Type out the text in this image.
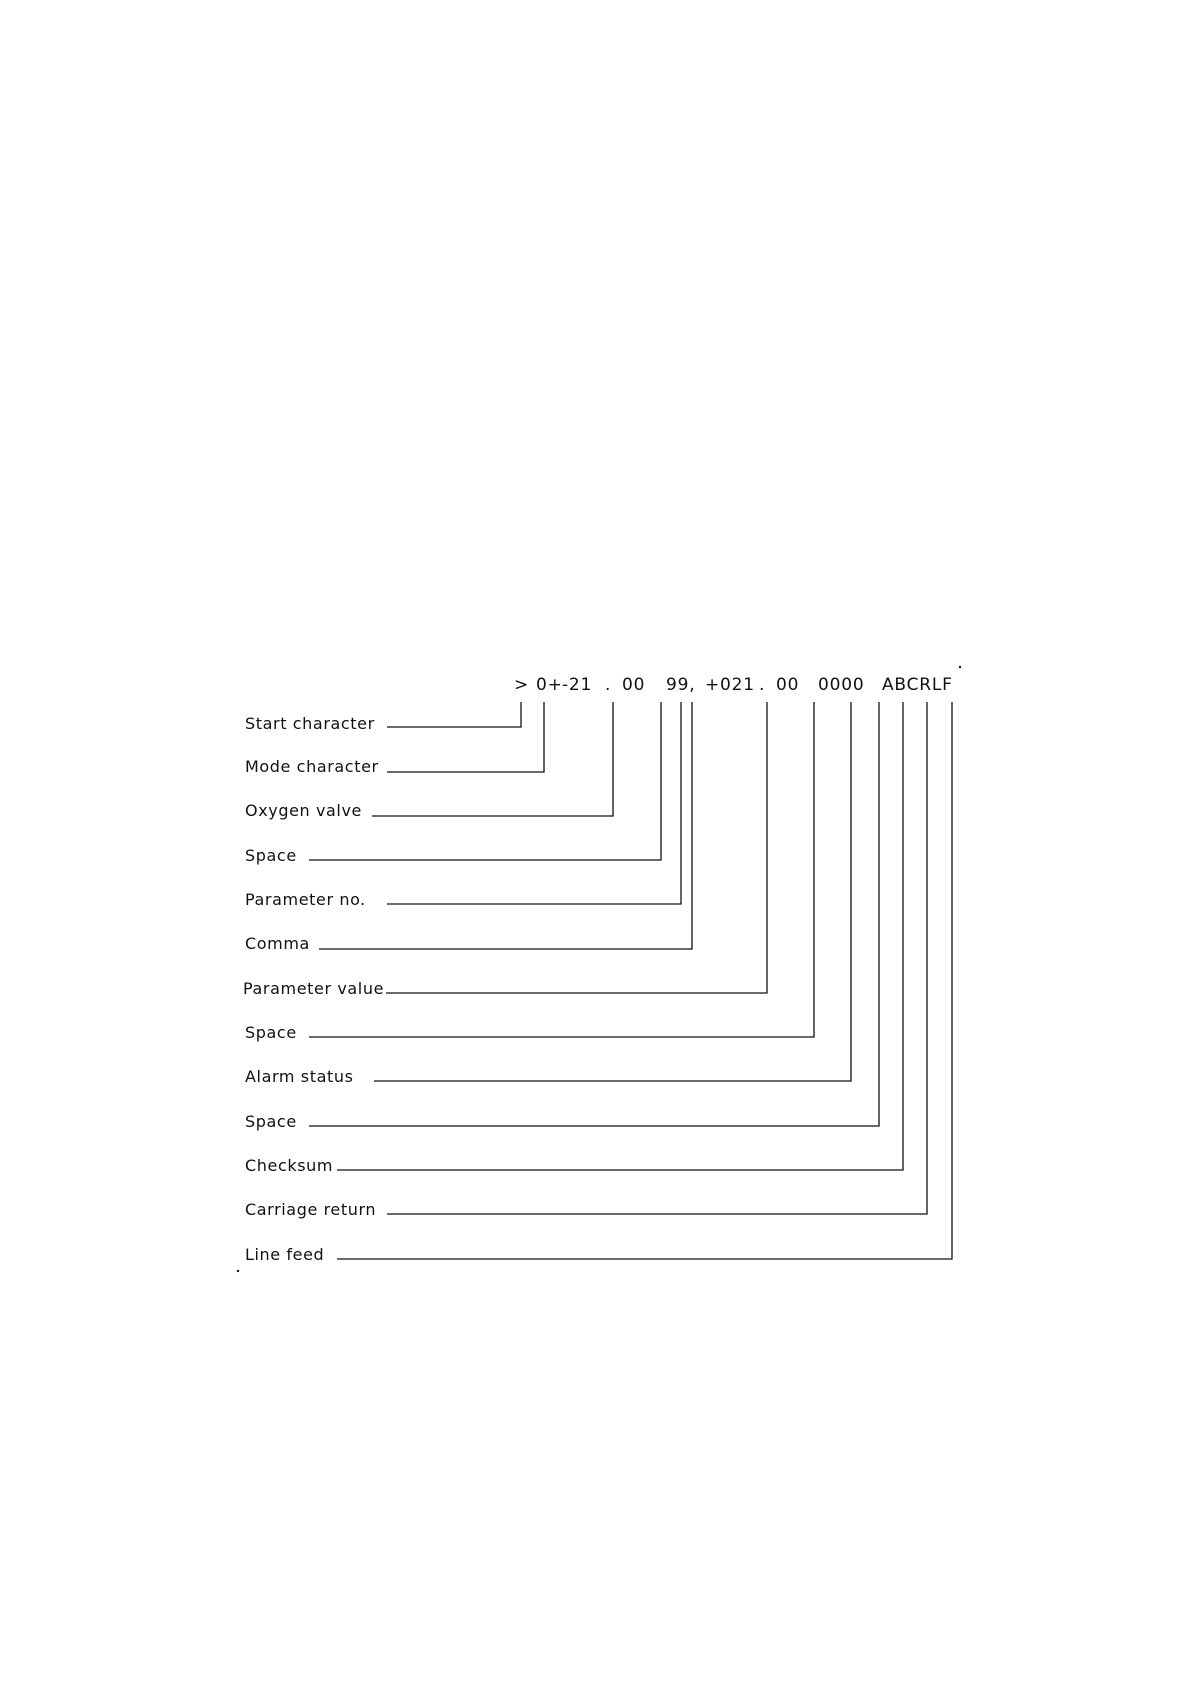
> 0+ -21 . 00 99, +021 . 00 0000 ABCRLF
Start character
Mode character
Oxygen valve
Space
Parameter no.
Comma
Parameter value
Space
Alarm status
Space
Checksum
Carriage return
Line feed
